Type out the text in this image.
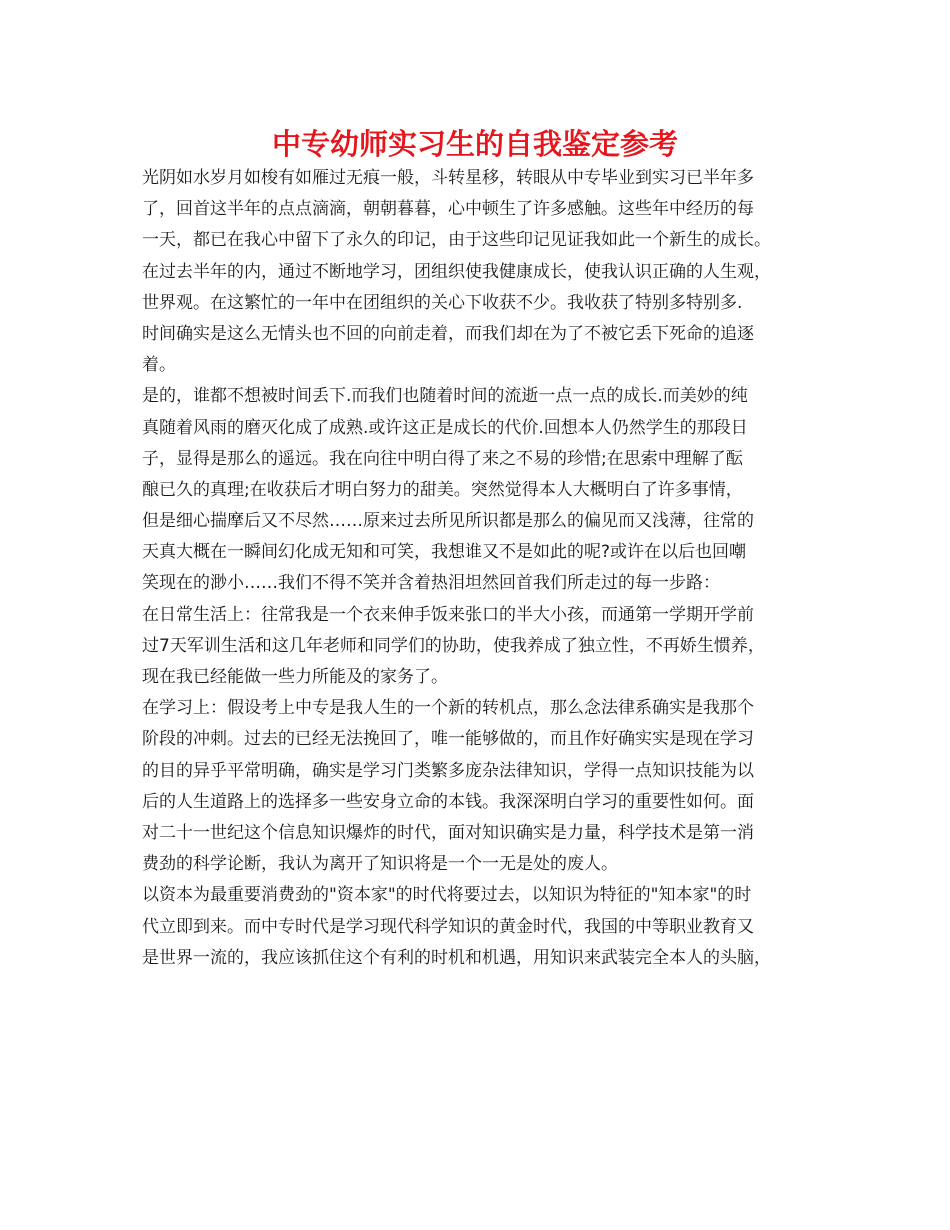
中专幼师实习生的自我鉴定参考
光阴如水岁月如梭有如雁过无痕一般，斗转星移，转眼从中专毕业到实习已半年多
了，回首这半年的点点滴滴，朝朝暮暮，心中顿生了许多感触。这些年中经历的每
一天，都已在我心中留下了永久的印记，由于这些印记见证我如此一个新生的成长。
在过去半年的内，通过不断地学习，团组织使我健康成长，使我认识正确的人生观，
世界观。在这繁忙的一年中在团组织的关心下收获不少。我收获了特别多特别多.
时间确实是这么无情头也不回的向前走着，而我们却在为了不被它丢下死命的追逐
着。
是的，谁都不想被时间丢下.而我们也随着时间的流逝一点一点的成长.而美妙的纯
真随着风雨的磨灭化成了成熟.或许这正是成长的代价.回想本人仍然学生的那段日
子，显得是那么的遥远。我在向往中明白得了来之不易的珍惜;在思索中理解了酝
酿已久的真理;在收获后才明白努力的甜美。突然觉得本人大概明白了许多事情，
但是细心揣摩后又不尽然……原来过去所见所识都是那么的偏见而又浅薄，往常的
天真大概在一瞬间幻化成无知和可笑，我想谁又不是如此的呢?或许在以后也回嘲
笑现在的渺小……我们不得不笑并含着热泪坦然回首我们所走过的每一步路：
在日常生活上：往常我是一个衣来伸手饭来张口的半大小孩，而通第一学期开学前
过7天军训生活和这几年老师和同学们的协助，使我养成了独立性，不再娇生惯养，
现在我已经能做一些力所能及的家务了。
在学习上：假设考上中专是我人生的一个新的转机点，那么念法律系确实是我那个
阶段的冲刺。过去的已经无法挽回了，唯一能够做的，而且作好确实实是现在学习
的目的异乎平常明确，确实是学习门类繁多庞杂法律知识，学得一点知识技能为以
后的人生道路上的选择多一些安身立命的本钱。我深深明白学习的重要性如何。面
对二十一世纪这个信息知识爆炸的时代，面对知识确实是力量，科学技术是第一消
费劲的科学论断，我认为离开了知识将是一个一无是处的废人。
以资本为最重要消费劲的"资本家"的时代将要过去，以知识为特征的"知本家"的时
代立即到来。而中专时代是学习现代科学知识的黄金时代，我国的中等职业教育又
是世界一流的，我应该抓住这个有利的时机和机遇，用知识来武装完全本人的头脑，
